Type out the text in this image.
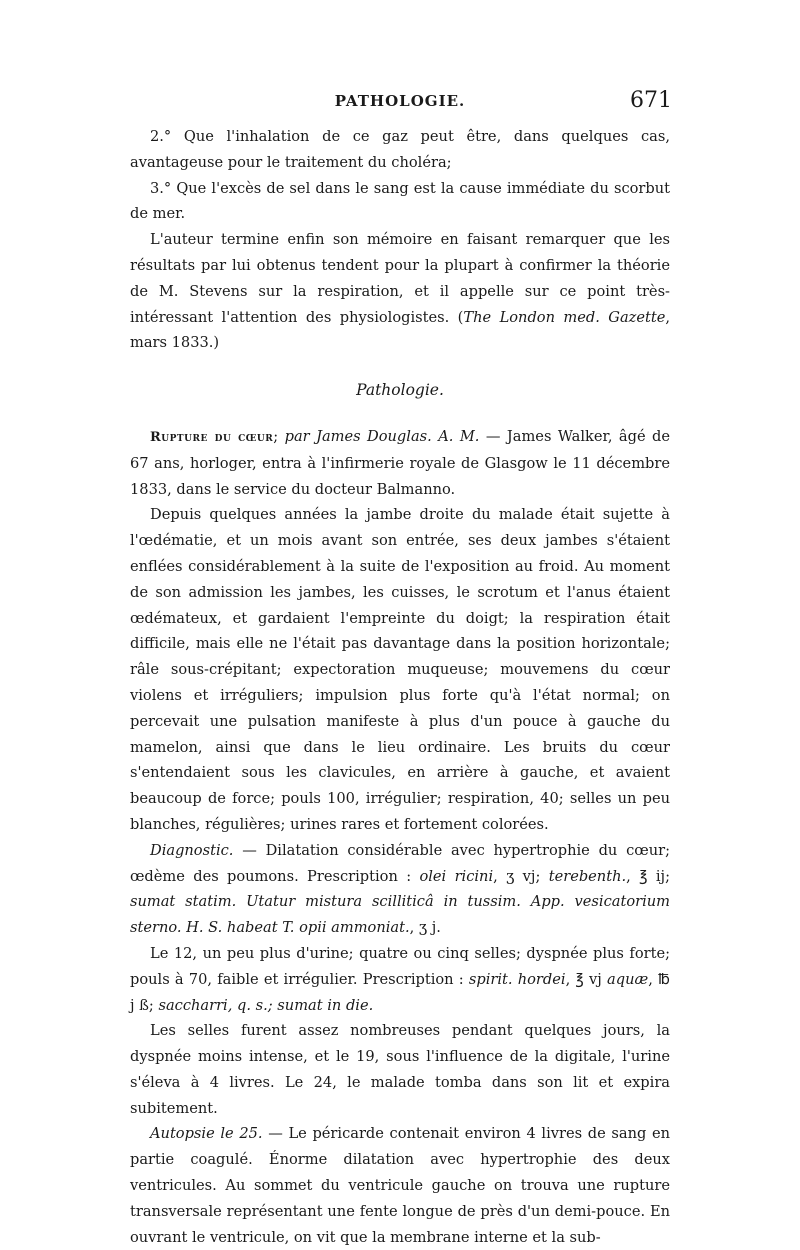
PATHOLOGIE.	671

2.° Que l'inhalation de ce gaz peut être, dans quelques cas, avantageuse pour le traitement du choléra;

3.° Que l'excès de sel dans le sang est la cause immédiate du scorbut de mer.

L'auteur termine enfin son mémoire en faisant remarquer que les résultats par lui obtenus tendent pour la plupart à confirmer la théorie de M. Stevens sur la respiration, et il appelle sur ce point très-intéressant l'attention des physiologistes. (The London med. Gazette, mars 1833.)

Pathologie.

Rupture du cœur; par James Douglas. A. M. — James Walker, âgé de 67 ans, horloger, entra à l'infirmerie royale de Glasgow le 11 décembre 1833, dans le service du docteur Balmanno.

Depuis quelques années la jambe droite du malade était sujette à l'œdématie, et un mois avant son entrée, ses deux jambes s'étaient enflées considérablement à la suite de l'exposition au froid. Au moment de son admission les jambes, les cuisses, le scrotum et l'anus étaient œdémateux, et gardaient l'empreinte du doigt; la respiration était difficile, mais elle ne l'était pas davantage dans la position horizontale; râle sous-crépitant; expectoration muqueuse; mouvemens du cœur violens et irréguliers; impulsion plus forte qu'à l'état normal; on percevait une pulsation manifeste à plus d'un pouce à gauche du mamelon, ainsi que dans le lieu ordinaire. Les bruits du cœur s'entendaient sous les clavicules, en arrière à gauche, et avaient beaucoup de force; pouls 100, irrégulier; respiration, 40; selles un peu blanches, régulières; urines rares et fortement colorées.

Diagnostic. — Dilatation considérable avec hypertrophie du cœur; œdème des poumons. Prescription : olei ricini, ʒ vj; terebenth., ℥ ij; sumat statim. Utatur mistura scilliticâ in tussim. App. vesicatorium sterno. H. S. habeat T. opii ammoniat., ʒ j.

Le 12, un peu plus d'urine; quatre ou cinq selles; dyspnée plus forte; pouls à 70, faible et irrégulier. Prescription : spirit. hordei, ℥ vj aquæ, ℔ j ß; saccharri, q. s.; sumat in die.

Les selles furent assez nombreuses pendant quelques jours, la dyspnée moins intense, et le 19, sous l'influence de la digitale, l'urine s'éleva à 4 livres. Le 24, le malade tomba dans son lit et expira subitement.

Autopsie le 25. — Le péricarde contenait environ 4 livres de sang en partie coagulé. Énorme dilatation avec hypertrophie des deux ventricules. Au sommet du ventricule gauche on trouva une rupture transversale représentant une fente longue de près d'un demi-pouce. En ouvrant le ventricule, on vit que la membrane interne et la sub-
